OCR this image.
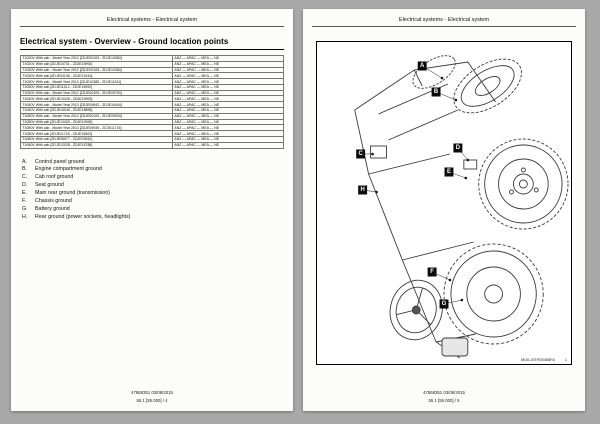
Electrical systems - Electrical system
Electrical system - Overview - Ground location points
T4020V With cab - Model Year 2012 [ZDJE00109 - ZDJE10384]	ANZ — APAC — MEA — NE
T4020V With cab [ZDJE10731 - ZDJE15992]	ANZ — APAC — MEA — NE
T4030V With cab - Model Year 2012 [ZDJE00109 - ZDJE10384]	ANZ — APAC — MEA — NE
T4030V With cab [ZDJE04136 - ZDJE10243]	ANZ — APAC — MEA — NE
T4030V With cab - Model Year 2013 [ZDJE10385 - ZDJE11511]	ANZ — APAC — MEA — NE
T4030V With cab [ZDJE11512 - ZDJE15992]	ANZ — APAC — MEA — NE
T4040V With cab - Model Year 2012 [ZDJE00109 - ZDJE09754]	ANZ — APAC — MEA — NE
T4040V With cab [ZDJE10425 - ZDJE10993]	ANZ — APAC — MEA — NE
T4040V With cab - Model Year 2013 [ZDJE09842 - ZDJE16044]	ANZ — APAC — MEA — NE
T4040V With cab [ZDJE16045 - ZDJE18898]	ANZ — APAC — MEA — NE
T4050V With cab - Model Year 2012 [ZDJE00109 - ZDJE09934]	ANZ — APAC — MEA — NE
T4050V With cab [ZDJE10425 - ZDJE10996]	ANZ — APAC — MEA — NE
T4050V With cab - Model Year 2013 [ZDJE09935 - ZDJE11715]	ANZ — APAC — MEA — NE
T4050V With cab [ZDJE11716 - ZDJE15902]	ANZ — APAC — MEA — NE
T4060V With cab [ZDJE05977 - ZDJE09942]	ANZ — APAC — MEA — NE
T4060V With cab [ZDJE12028 - ZDJE15788]	ANZ — APAC — MEA — NE
A.	Control panel ground
B.	Engine compartment ground
C.	Cab roof ground
D.	Seat ground
E.	Main rear ground (transmission)
F.	Chassis ground
G.	Battery ground
H.	Rear ground (power sockets, headlights)
47868351 03/08/2015
55.1 [55.000] / 4
Electrical systems - Electrical system
A
B
C
D
E
H
F
G
MOIL15TR00468FA	1
47868351 03/08/2015
55.1 [55.000] / 5
